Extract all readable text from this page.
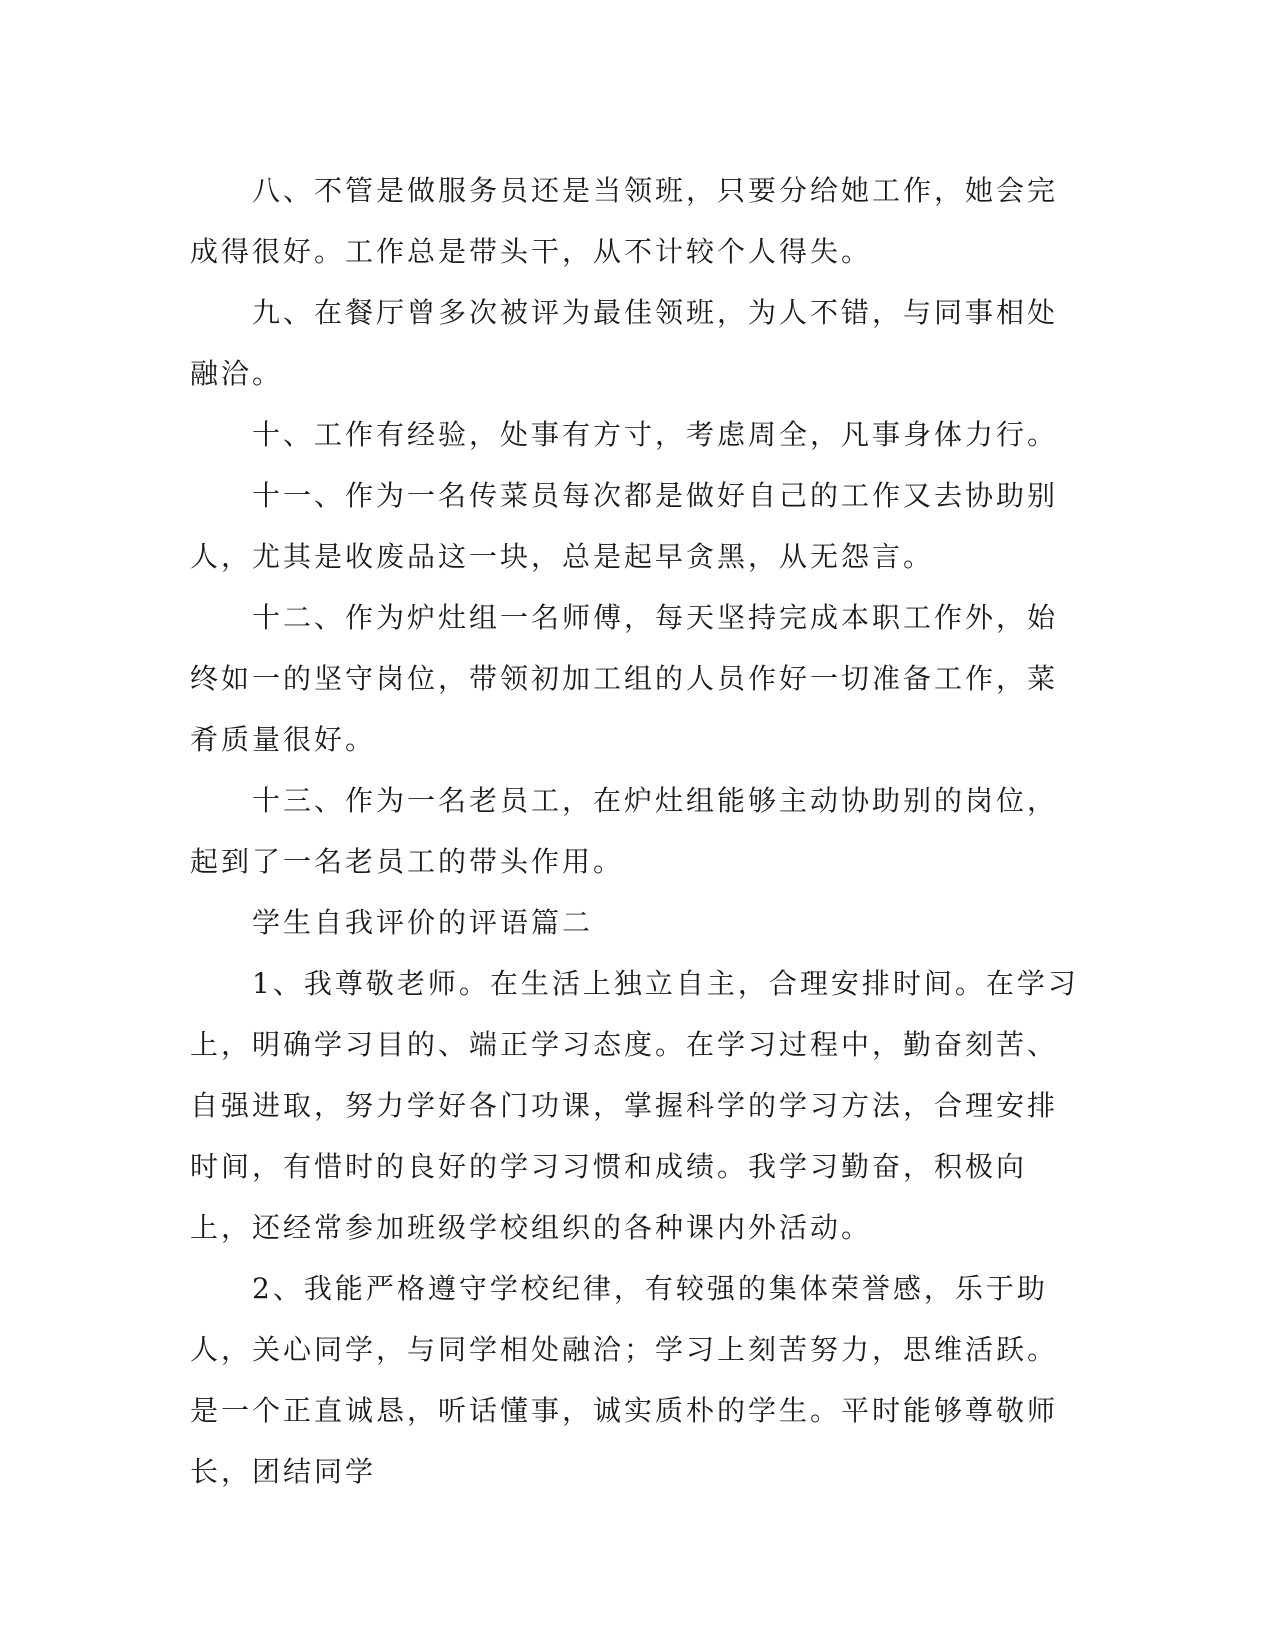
八、不管是做服务员还是当领班，只要分给她工作，她会完成得很好。工作总是带头干，从不计较个人得失。

九、在餐厅曾多次被评为最佳领班，为人不错，与同事相处融洽。

十、工作有经验，处事有方寸，考虑周全，凡事身体力行。

十一、作为一名传菜员每次都是做好自己的工作又去协助别人，尤其是收废品这一块，总是起早贪黑，从无怨言。

十二、作为炉灶组一名师傅，每天坚持完成本职工作外，始终如一的坚守岗位，带领初加工组的人员作好一切准备工作，菜肴质量很好。

十三、作为一名老员工，在炉灶组能够主动协助别的岗位，起到了一名老员工的带头作用。

学生自我评价的评语篇二

1、我尊敬老师。在生活上独立自主，合理安排时间。在学习上，明确学习目的、端正学习态度。在学习过程中，勤奋刻苦、自强进取，努力学好各门功课，掌握科学的学习方法，合理安排时间，有惜时的良好的学习习惯和成绩。我学习勤奋，积极向上，还经常参加班级学校组织的各种课内外活动。

2、我能严格遵守学校纪律，有较强的集体荣誉感，乐于助人，关心同学，与同学相处融洽；学习上刻苦努力，思维活跃。是一个正直诚恳，听话懂事，诚实质朴的学生。平时能够尊敬师长，团结同学
